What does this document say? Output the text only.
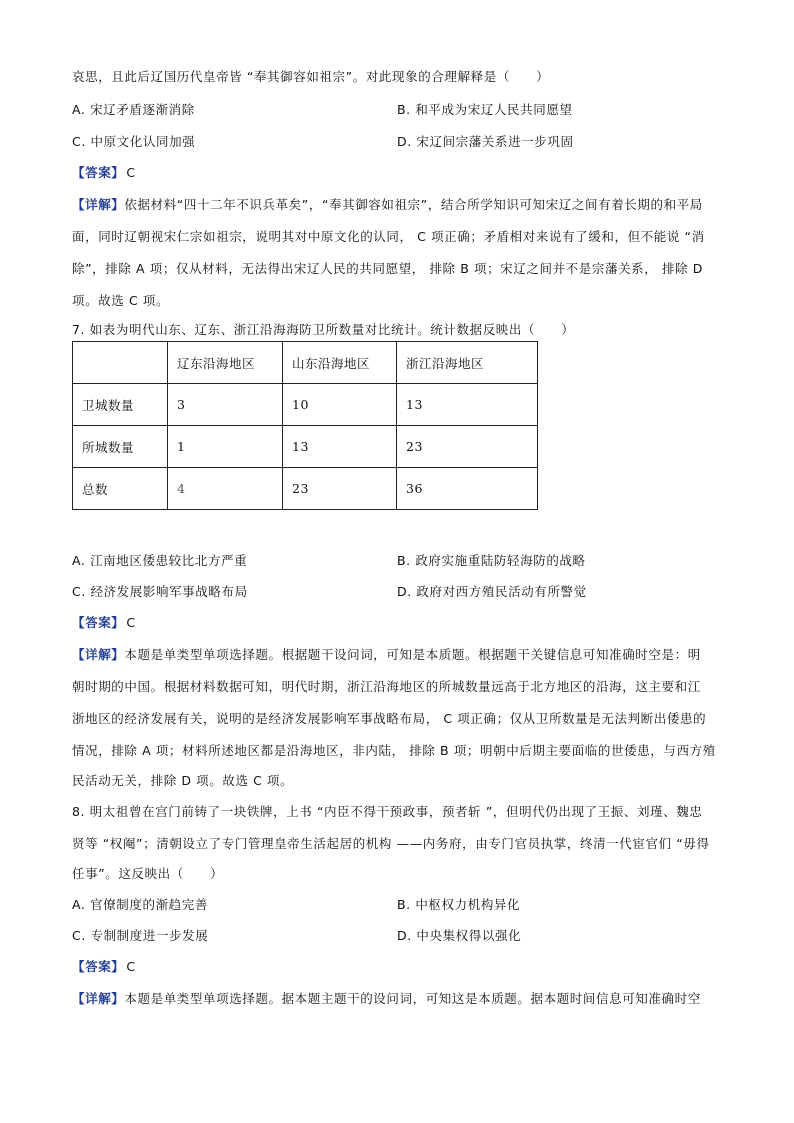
哀思，且此后辽国历代皇帝皆 “奉其御容如祖宗”。对此现象的合理解释是（　　）
A. 宋辽矛盾逐渐消除	B. 和平成为宋辽人民共同愿望
C. 中原文化认同加强	D. 宋辽间宗藩关系进一步巩固
【答案】 C
【详解】依据材料“四十二年不识兵革矣”，“奉其御容如祖宗”，结合所学知识可知宋辽之间有着长期的和平局
面，同时辽朝视宋仁宗如祖宗，说明其对中原文化的认同， C 项正确；矛盾相对来说有了缓和，但不能说 “消
除”，排除 A 项；仅从材料，无法得出宋辽人民的共同愿望， 排除 B 项；宋辽之间并不是宗藩关系， 排除 D
项。故选 C 项。
7. 如表为明代山东、辽东、浙江沿海海防卫所数量对比统计。统计数据反映出（　　）
	辽东沿海地区	山东沿海地区	浙江沿海地区
卫城数量	3	10	13
所城数量	1	13	23
总数	4	23	36
A. 江南地区倭患较比北方严重	B. 政府实施重陆防轻海防的战略
C. 经济发展影响军事战略布局	D. 政府对西方殖民活动有所警觉
【答案】 C
【详解】本题是单类型单项选择题。根据题干设问词，可知是本质题。根据题干关键信息可知准确时空是：明
朝时期的中国。根据材料数据可知，明代时期，浙江沿海地区的所城数量远高于北方地区的沿海，这主要和江
浙地区的经济发展有关，说明的是经济发展影响军事战略布局， C 项正确；仅从卫所数量是无法判断出倭患的
情况，排除 A 项；材料所述地区都是沿海地区，非内陆， 排除 B 项；明朝中后期主要面临的世倭患，与西方殖
民活动无关，排除 D 项。故选 C 项。
8. 明太祖曾在宫门前铸了一块铁牌，上书 “内臣不得干预政事，预者斩 ”，但明代仍出现了王振、刘瑾、魏忠
贤等 “权阉”；清朝设立了专门管理皇帝生活起居的机构 ——内务府，由专门官员执掌，终清一代宦官们 “毋得
任事”。这反映出（　　）
A. 官僚制度的渐趋完善	B. 中枢权力机构异化
C. 专制制度进一步发展	D. 中央集权得以强化
【答案】 C
【详解】本题是单类型单项选择题。据本题主题干的设问词，可知这是本质题。据本题时间信息可知准确时空
